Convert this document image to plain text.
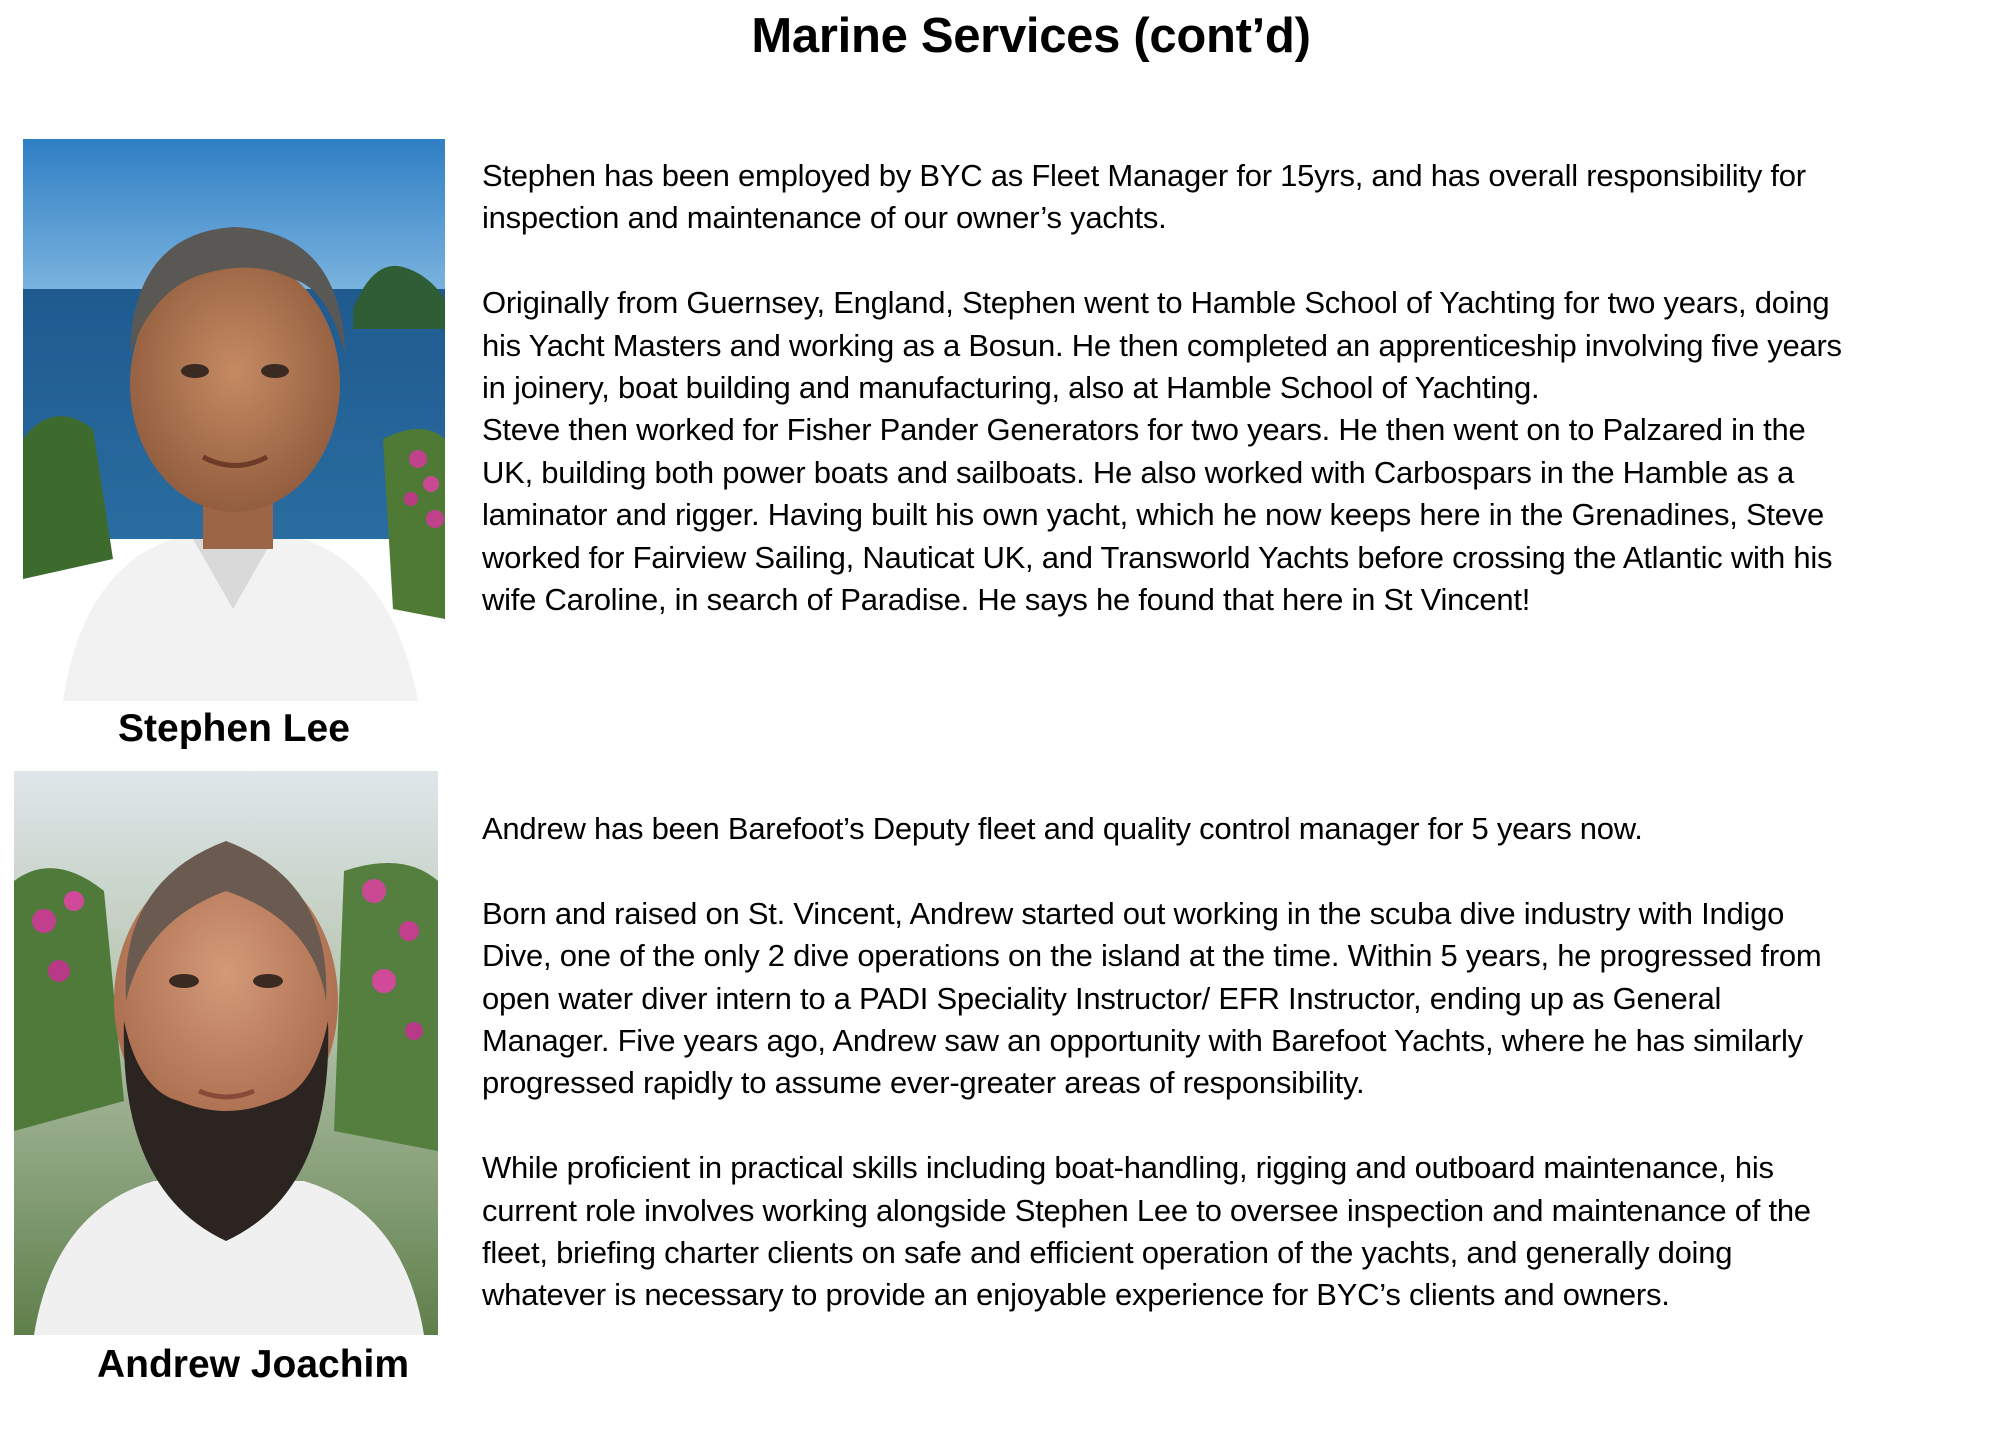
Marine Services (cont’d)
Stephen Lee

Stephen has been employed by BYC as Fleet Manager for 15yrs, and has overall responsibility for
inspection and maintenance of our owner’s yachts.

Originally from Guernsey, England, Stephen went to Hamble School of Yachting for two years, doing
his Yacht Masters and working as a Bosun. He then completed an apprenticeship involving five years
in joinery, boat building and manufacturing, also at Hamble School of Yachting.
Steve then worked for Fisher Pander Generators for two years. He then went on to Palzared in the
UK, building both power boats and sailboats. He also worked with Carbospars in the Hamble as a
laminator and rigger. Having built his own yacht, which he now keeps here in the Grenadines, Steve
worked for Fairview Sailing, Nauticat UK, and Transworld Yachts before crossing the Atlantic with his
wife Caroline, in search of Paradise. He says he found that here in St Vincent!

Andrew Joachim

Andrew has been Barefoot’s Deputy fleet and quality control manager for 5 years now.

Born and raised on St. Vincent, Andrew started out working in the scuba dive industry with Indigo
Dive, one of the only 2 dive operations on the island at the time. Within 5 years, he progressed from
open water diver intern to a PADI Speciality Instructor/ EFR Instructor, ending up as General
Manager. Five years ago, Andrew saw an opportunity with Barefoot Yachts, where he has similarly
progressed rapidly to assume ever-greater areas of responsibility.

While proficient in practical skills including boat-handling, rigging and outboard maintenance, his
current role involves working alongside Stephen Lee to oversee inspection and maintenance of the
fleet, briefing charter clients on safe and efficient operation of the yachts, and generally doing
whatever is necessary to provide an enjoyable experience for BYC’s clients and owners.
